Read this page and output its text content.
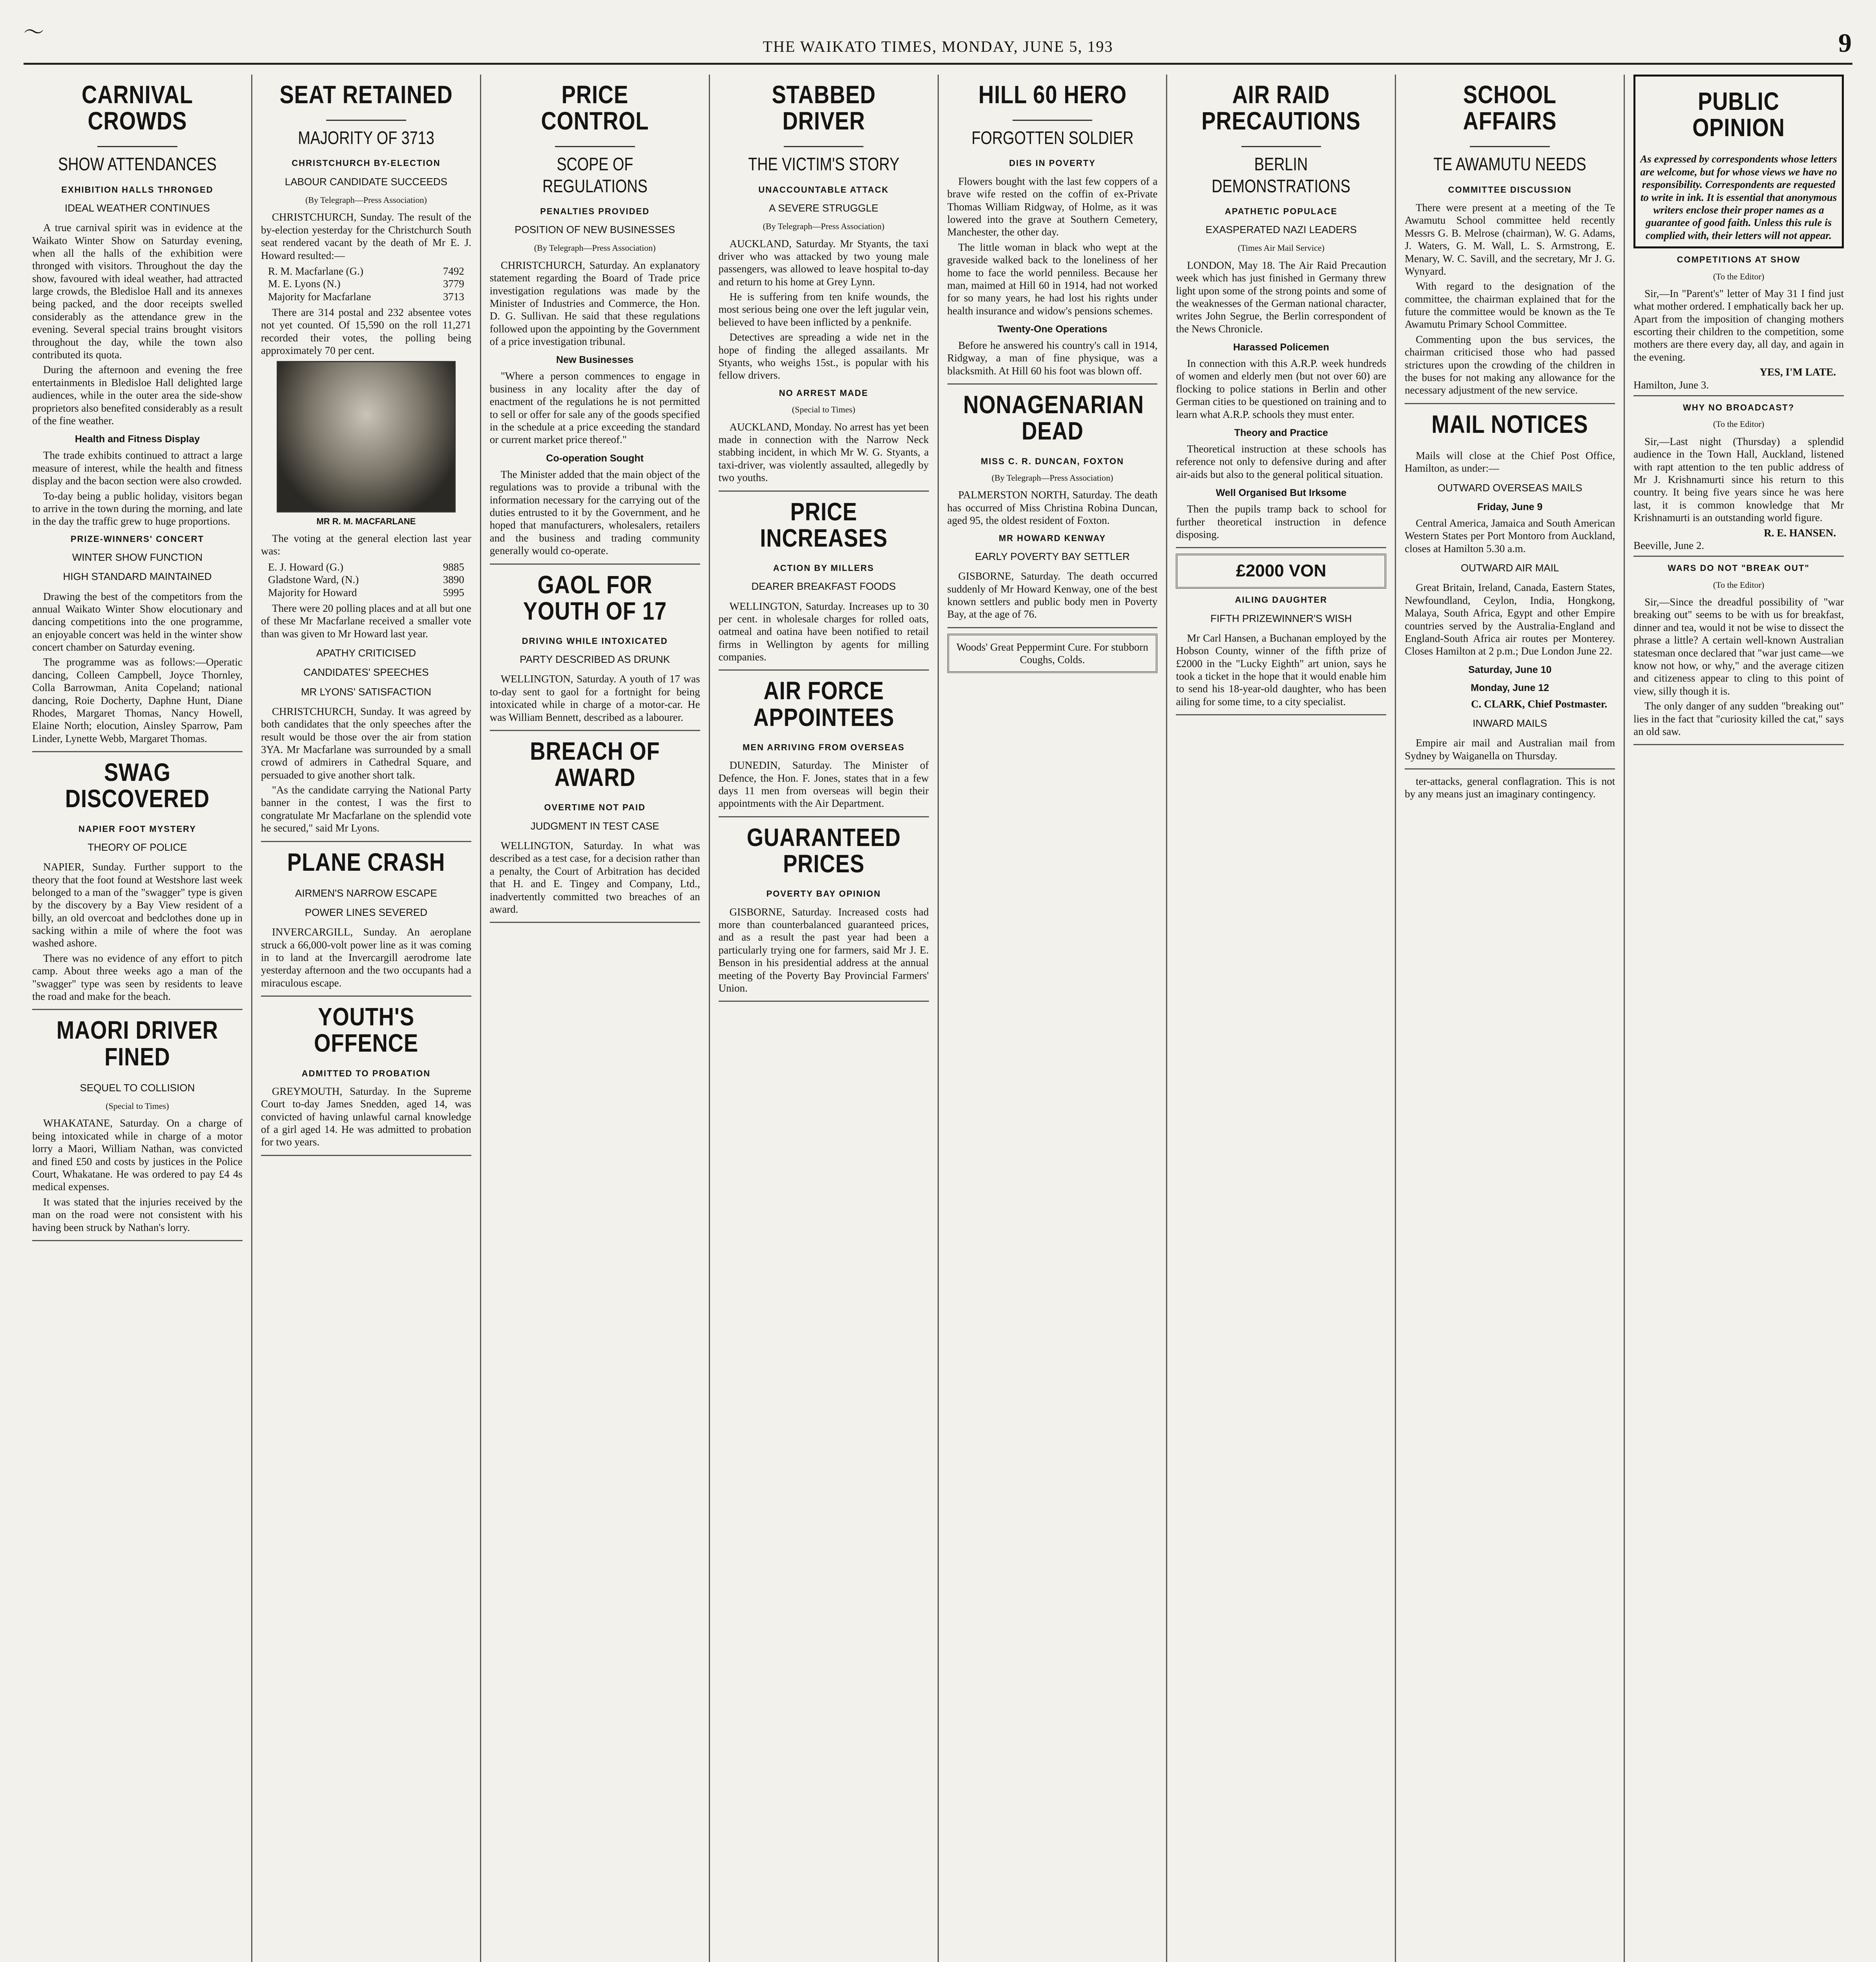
〜
THE WAIKATO TIMES, MONDAY, JUNE 5, 193	9
CARNIVAL CROWDS
SHOW ATTENDANCES
EXHIBITION HALLS THRONGED
IDEAL WEATHER CONTINUES

A true carnival spirit was in evidence at the Waikato Winter Show on Saturday evening, when all the halls of the exhibition were thronged with visitors. Throughout the day the show, favoured with ideal weather, had attracted large crowds, the Bledisloe Hall and its annexes being packed, and the door receipts swelled considerably as the attendance grew in the evening. Several special trains brought visitors throughout the day, while the town also contributed its quota.

During the afternoon and evening the free entertainments in Bledisloe Hall delighted large audiences, while in the outer area the side-show proprietors also benefited considerably as a result of the fine weather.

Health and Fitness Display

The trade exhibits continued to attract a large measure of interest, while the health and fitness display and the bacon section were also crowded.

To-day being a public holiday, visitors began to arrive in the town during the morning, and late in the day the traffic grew to huge proportions.

PRIZE-WINNERS' CONCERT
WINTER SHOW FUNCTION
HIGH STANDARD MAINTAINED

Drawing the best of the competitors from the annual Waikato Winter Show elocutionary and dancing competitions into the one programme, an enjoyable concert was held in the winter show concert chamber on Saturday evening.

The programme was as follows:—Operatic dancing, Colleen Campbell, Joyce Thornley, Colla Barrowman, Anita Copeland; national dancing, Roie Docherty, Daphne Hunt, Diane Rhodes, Margaret Thomas, Nancy Howell, Elaine North; elocution, Ainsley Sparrow, Pam Linder, Lynette Webb, Margaret Thomas.

SWAG DISCOVERED
NAPIER FOOT MYSTERY
THEORY OF POLICE

NAPIER, Sunday. Further support to the theory that the foot found at Westshore last week belonged to a man of the "swagger" type is given by the discovery by a Bay View resident of a billy, an old overcoat and bedclothes done up in sacking within a mile of where the foot was washed ashore.

There was no evidence of any effort to pitch camp. About three weeks ago a man of the "swagger" type was seen by residents to leave the road and make for the beach.

MAORI DRIVER FINED
SEQUEL TO COLLISION
(Special to Times)

WHAKATANE, Saturday. On a charge of being intoxicated while in charge of a motor lorry a Maori, William Nathan, was convicted and fined £50 and costs by justices in the Police Court, Whakatane. He was ordered to pay £4 4s medical expenses.

It was stated that the injuries received by the man on the road were not consistent with his having been struck by Nathan's lorry.

SEAT RETAINED
MAJORITY OF 3713
CHRISTCHURCH BY-ELECTION
LABOUR CANDIDATE SUCCEEDS
(By Telegraph—Press Association)

CHRISTCHURCH, Sunday. The result of the by-election yesterday for the Christchurch South seat rendered vacant by the death of Mr E. J. Howard resulted:—

R. M. Macfarlane (G.)	7492
M. E. Lyons (N.)	3779
Majority for Macfarlane	3713

There are 314 postal and 232 absentee votes not yet counted. Of 15,590 on the roll 11,271 recorded their votes, the polling being approximately 70 per cent.

MR R. M. MACFARLANE

The voting at the general election last year was:

E. J. Howard (G.)	9885
Gladstone Ward, (N.)	3890
Majority for Howard	5995

There were 20 polling places and at all but one of these Mr Macfarlane received a smaller vote than was given to Mr Howard last year.

APATHY CRITICISED
CANDIDATES' SPEECHES
MR LYONS' SATISFACTION

CHRISTCHURCH, Sunday. It was agreed by both candidates that the only speeches after the result would be those over the air from station 3YA. Mr Macfarlane was surrounded by a small crowd of admirers in Cathedral Square, and persuaded to give another short talk.

"As the candidate carrying the National Party banner in the contest, I was the first to congratulate Mr Macfarlane on the splendid vote he secured," said Mr Lyons.

PLANE CRASH
AIRMEN'S NARROW ESCAPE
POWER LINES SEVERED

INVERCARGILL, Sunday. An aeroplane struck a 66,000-volt power line as it was coming in to land at the Invercargill aerodrome late yesterday afternoon and the two occupants had a miraculous escape.

YOUTH'S OFFENCE
ADMITTED TO PROBATION

GREYMOUTH, Saturday. In the Supreme Court to-day James Snedden, aged 14, was convicted of having unlawful carnal knowledge of a girl aged 14. He was admitted to probation for two years.

PRICE CONTROL
SCOPE OF REGULATIONS
PENALTIES PROVIDED
POSITION OF NEW BUSINESSES
(By Telegraph—Press Association)

CHRISTCHURCH, Saturday. An explanatory statement regarding the Board of Trade price investigation regulations was made by the Minister of Industries and Commerce, the Hon. D. G. Sullivan. He said that these regulations followed upon the appointing by the Government of a price investigation tribunal.

New Businesses

"Where a person commences to engage in business in any locality after the day of enactment of the regulations he is not permitted to sell or offer for sale any of the goods specified in the schedule at a price exceeding the standard or current market price thereof."

Co-operation Sought

The Minister added that the main object of the regulations was to provide a tribunal with the information necessary for the carrying out of the duties entrusted to it by the Government, and he hoped that manufacturers, wholesalers, retailers and the business and trading community generally would co-operate.

GAOL FOR YOUTH OF 17
DRIVING WHILE INTOXICATED
PARTY DESCRIBED AS DRUNK

WELLINGTON, Saturday. A youth of 17 was to-day sent to gaol for a fortnight for being intoxicated while in charge of a motor-car. He was William Bennett, described as a labourer.

BREACH OF AWARD
OVERTIME NOT PAID
JUDGMENT IN TEST CASE

WELLINGTON, Saturday. In what was described as a test case, for a decision rather than a penalty, the Court of Arbitration has decided that H. and E. Tingey and Company, Ltd., inadvertently committed two breaches of an award.

STABBED DRIVER
THE VICTIM'S STORY
UNACCOUNTABLE ATTACK
A SEVERE STRUGGLE
(By Telegraph—Press Association)

AUCKLAND, Saturday. Mr Styants, the taxi driver who was attacked by two young male passengers, was allowed to leave hospital to-day and return to his home at Grey Lynn.

He is suffering from ten knife wounds, the most serious being one over the left jugular vein, believed to have been inflicted by a penknife.

Detectives are spreading a wide net in the hope of finding the alleged assailants. Mr Styants, who weighs 15st., is popular with his fellow drivers.

NO ARREST MADE
(Special to Times)

AUCKLAND, Monday. No arrest has yet been made in connection with the Narrow Neck stabbing incident, in which Mr W. G. Styants, a taxi-driver, was violently assaulted, allegedly by two youths.

PRICE INCREASES
ACTION BY MILLERS
DEARER BREAKFAST FOODS

WELLINGTON, Saturday. Increases up to 30 per cent. in wholesale charges for rolled oats, oatmeal and oatina have been notified to retail firms in Wellington by agents for milling companies.

AIR FORCE APPOINTEES
MEN ARRIVING FROM OVERSEAS

DUNEDIN, Saturday. The Minister of Defence, the Hon. F. Jones, states that in a few days 11 men from overseas will begin their appointments with the Air Department.

GUARANTEED PRICES
POVERTY BAY OPINION

GISBORNE, Saturday. Increased costs had more than counterbalanced guaranteed prices, and as a result the past year had been a particularly trying one for farmers, said Mr J. E. Benson in his presidential address at the annual meeting of the Poverty Bay Provincial Farmers' Union.

HILL 60 HERO
FORGOTTEN SOLDIER
DIES IN POVERTY

Flowers bought with the last few coppers of a brave wife rested on the coffin of ex-Private Thomas William Ridgway, of Holme, as it was lowered into the grave at Southern Cemetery, Manchester, the other day.

The little woman in black who wept at the graveside walked back to the loneliness of her home to face the world penniless. Because her man, maimed at Hill 60 in 1914, had not worked for so many years, he had lost his rights under health insurance and widow's pensions schemes.

Twenty-One Operations

Before he answered his country's call in 1914, Ridgway, a man of fine physique, was a blacksmith. At Hill 60 his foot was blown off.

NONAGENARIAN DEAD
MISS C. R. DUNCAN, FOXTON
(By Telegraph—Press Association)

PALMERSTON NORTH, Saturday. The death has occurred of Miss Christina Robina Duncan, aged 95, the oldest resident of Foxton.

MR HOWARD KENWAY
EARLY POVERTY BAY SETTLER

GISBORNE, Saturday. The death occurred suddenly of Mr Howard Kenway, one of the best known settlers and public body men in Poverty Bay, at the age of 76.

Woods' Great Peppermint Cure. For stubborn Coughs, Colds.
AIR RAID PRECAUTIONS
BERLIN DEMONSTRATIONS
APATHETIC POPULACE
EXASPERATED NAZI LEADERS
(Times Air Mail Service)

LONDON, May 18. The Air Raid Precaution week which has just finished in Germany threw light upon some of the strong points and some of the weaknesses of the German national character, writes John Segrue, the Berlin correspondent of the News Chronicle.

Harassed Policemen

In connection with this A.R.P. week hundreds of women and elderly men (but not over 60) are flocking to police stations in Berlin and other German cities to be questioned on training and to learn what A.R.P. schools they must enter.

Theory and Practice

Theoretical instruction at these schools has reference not only to defensive during and after air-aids but also to the general political situation.

Well Organised But Irksome

Then the pupils tramp back to school for further theoretical instruction in defence disposing.

£2000 VON
AILING DAUGHTER
FIFTH PRIZEWINNER'S WISH

Mr Carl Hansen, a Buchanan employed by the Hobson County, winner of the fifth prize of £2000 in the "Lucky Eighth" art union, says he took a ticket in the hope that it would enable him to send his 18-year-old daughter, who has been ailing for some time, to a city specialist.

SCHOOL AFFAIRS
TE AWAMUTU NEEDS
COMMITTEE DISCUSSION

There were present at a meeting of the Te Awamutu School committee held recently Messrs G. B. Melrose (chairman), W. G. Adams, J. Waters, G. M. Wall, L. S. Armstrong, E. Menary, W. C. Savill, and the secretary, Mr J. G. Wynyard.

With regard to the designation of the committee, the chairman explained that for the future the committee would be known as the Te Awamutu Primary School Committee.

Commenting upon the bus services, the chairman criticised those who had passed strictures upon the crowding of the children in the buses for not making any allowance for the necessary adjustment of the new service.

MAIL NOTICES

Mails will close at the Chief Post Office, Hamilton, as under:—

OUTWARD OVERSEAS MAILS
Friday, June 9

Central America, Jamaica and South American Western States per Port Montoro from Auckland, closes at Hamilton 5.30 a.m.

OUTWARD AIR MAIL

Great Britain, Ireland, Canada, Eastern States, Newfoundland, Ceylon, India, Hongkong, Malaya, South Africa, Egypt and other Empire countries served by the Australia-England and England-South Africa air routes per Monterey. Closes Hamilton at 2 p.m.; Due London June 22.

Saturday, June 10
Monday, June 12
C. CLARK, Chief Postmaster.
INWARD MAILS

Empire air mail and Australian mail from Sydney by Waiganella on Thursday.

ter-attacks, general conflagration. This is not by any means just an imaginary contingency.

PUBLIC OPINION
As expressed by correspondents whose letters are welcome, but for whose views we have no responsibility. Correspondents are requested to write in ink. It is essential that anonymous writers enclose their proper names as a guarantee of good faith. Unless this rule is complied with, their letters will not appear.
COMPETITIONS AT SHOW
(To the Editor)

Sir,—In "Parent's" letter of May 31 I find just what mother ordered. I emphatically back her up. Apart from the imposition of changing mothers escorting their children to the competition, some mothers are there every day, all day, and again in the evening.

YES, I'M LATE.
Hamilton, June 3.
WHY NO BROADCAST?
(To the Editor)

Sir,—Last night (Thursday) a splendid audience in the Town Hall, Auckland, listened with rapt attention to the ten public address of Mr J. Krishnamurti since his return to this country. It being five years since he was here last, it is common knowledge that Mr Krishnamurti is an outstanding world figure.

R. E. HANSEN.
Beeville, June 2.
WARS DO NOT "BREAK OUT"
(To the Editor)

Sir,—Since the dreadful possibility of "war breaking out" seems to be with us for breakfast, dinner and tea, would it not be wise to dissect the phrase a little? A certain well-known Australian statesman once declared that "war just came—we know not how, or why," and the average citizen and citizeness appear to cling to this point of view, silly though it is.

The only danger of any sudden "breaking out" lies in the fact that "curiosity killed the cat," says an old saw.
